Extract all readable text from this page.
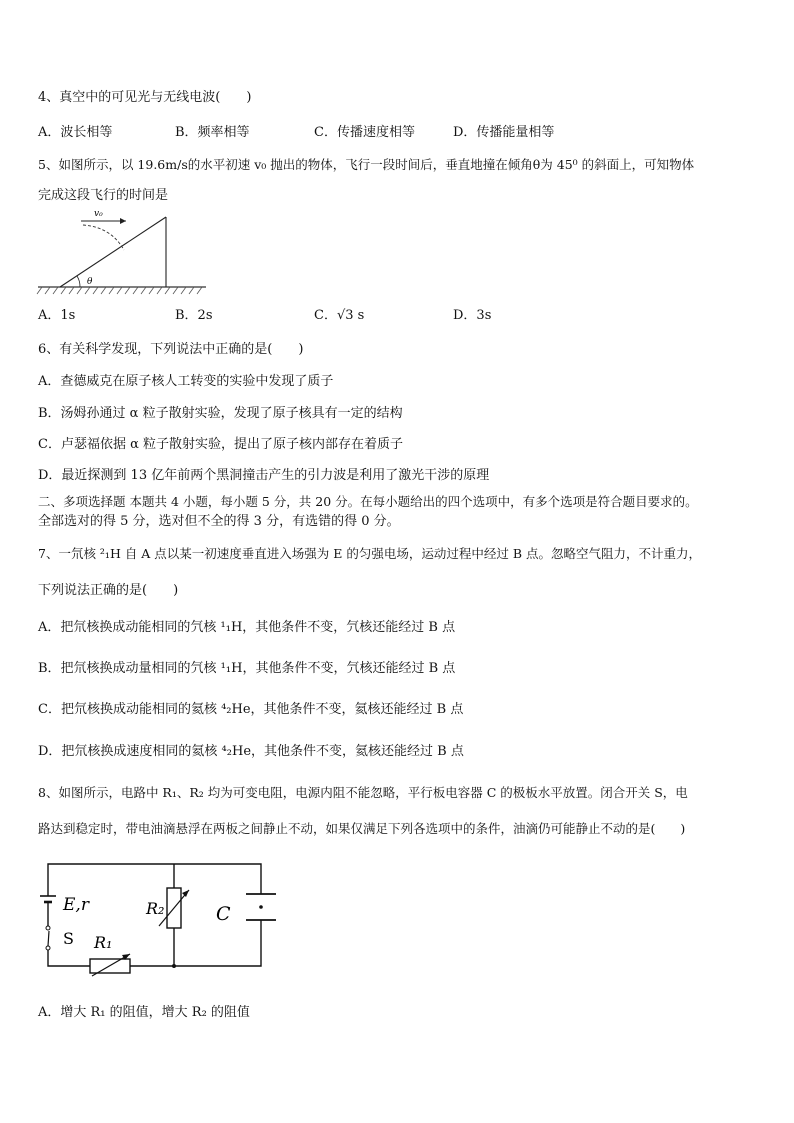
4、真空中的可见光与无线电波(　　)
A．波长相等	B．频率相等	C．传播速度相等	D．传播能量相等
5、如图所示，以 19.6m/s的水平初速 v₀ 抛出的物体，飞行一段时间后，垂直地撞在倾角θ为 45⁰ 的斜面上，可知物体
完成这段飞行的时间是
θ
v₀
A．1s	B．2s	C．√3 s	D．3s
6、有关科学发现，下列说法中正确的是(　　)
A．查德威克在原子核人工转变的实验中发现了质子
B．汤姆孙通过 α 粒子散射实验，发现了原子核具有一定的结构
C．卢瑟福依据 α 粒子散射实验，提出了原子核内部存在着质子
D．最近探测到 13 亿年前两个黑洞撞击产生的引力波是利用了激光干涉的原理
二、多项选择题 本题共 4 小题，每小题 5 分，共 20 分。在每小题给出的四个选项中，有多个选项是符合题目要求的。
全部选对的得 5 分，选对但不全的得 3 分，有选错的得 0 分。
7、一氘核 ²₁H 自 A 点以某一初速度垂直进入场强为 E 的匀强电场，运动过程中经过 B 点。忽略空气阻力，不计重力，
下列说法正确的是(　　)
A．把氘核换成动能相同的氕核 ¹₁H，其他条件不变，氕核还能经过 B 点
B．把氘核换成动量相同的氕核 ¹₁H，其他条件不变，氕核还能经过 B 点
C．把氘核换成动能相同的氦核 ⁴₂He，其他条件不变，氦核还能经过 B 点
D．把氘核换成速度相同的氦核 ⁴₂He，其他条件不变，氦核还能经过 B 点
8、如图所示，电路中 R₁、R₂ 均为可变电阻，电源内阻不能忽略，平行板电容器 C 的极板水平放置。闭合开关 S，电
路达到稳定时，带电油滴悬浮在两板之间静止不动，如果仅满足下列各选项中的条件，油滴仍可能静止不动的是(　　)
E,r
S
R₂
R₁
C
A．增大 R₁ 的阻值，增大 R₂ 的阻值
